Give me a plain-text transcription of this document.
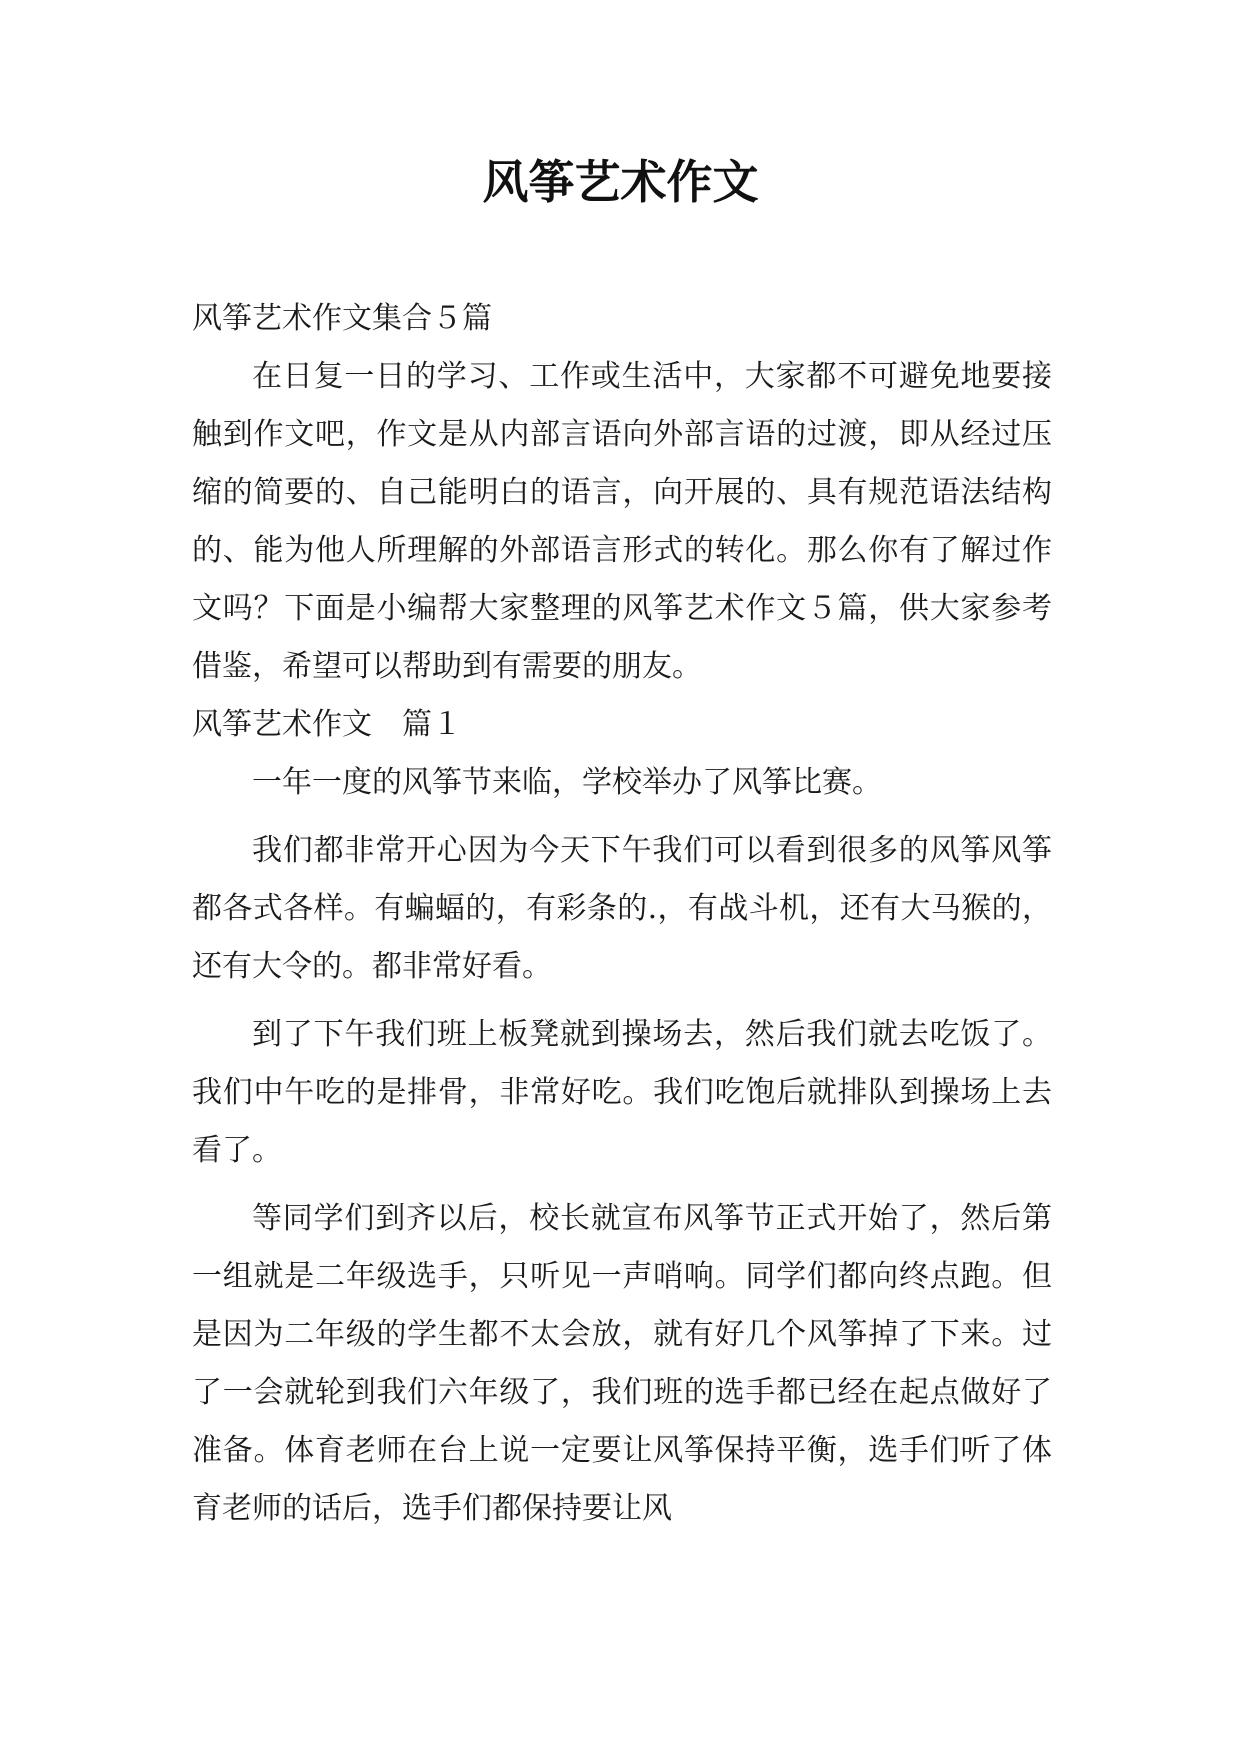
风筝艺术作文

风筝艺术作文集合５篇

在日复一日的学习、工作或生活中，大家都不可避免地要接触到作文吧，作文是从内部言语向外部言语的过渡，即从经过压缩的简要的、自己能明白的语言，向开展的、具有规范语法结构的、能为他人所理解的外部语言形式的转化。那么你有了解过作文吗？下面是小编帮大家整理的风筝艺术作文５篇，供大家参考借鉴，希望可以帮助到有需要的朋友。

风筝艺术作文　篇１

一年一度的风筝节来临，学校举办了风筝比赛。

我们都非常开心因为今天下午我们可以看到很多的风筝风筝都各式各样。有蝙蝠的，有彩条的.，有战斗机，还有大马猴的，还有大令的。都非常好看。

到了下午我们班上板凳就到操场去，然后我们就去吃饭了。我们中午吃的是排骨，非常好吃。我们吃饱后就排队到操场上去看了。

等同学们到齐以后，校长就宣布风筝节正式开始了，然后第一组就是二年级选手，只听见一声哨响。同学们都向终点跑。但是因为二年级的学生都不太会放，就有好几个风筝掉了下来。过了一会就轮到我们六年级了，我们班的选手都已经在起点做好了准备。体育老师在台上说一定要让风筝保持平衡，选手们听了体育老师的话后，选手们都保持要让风
